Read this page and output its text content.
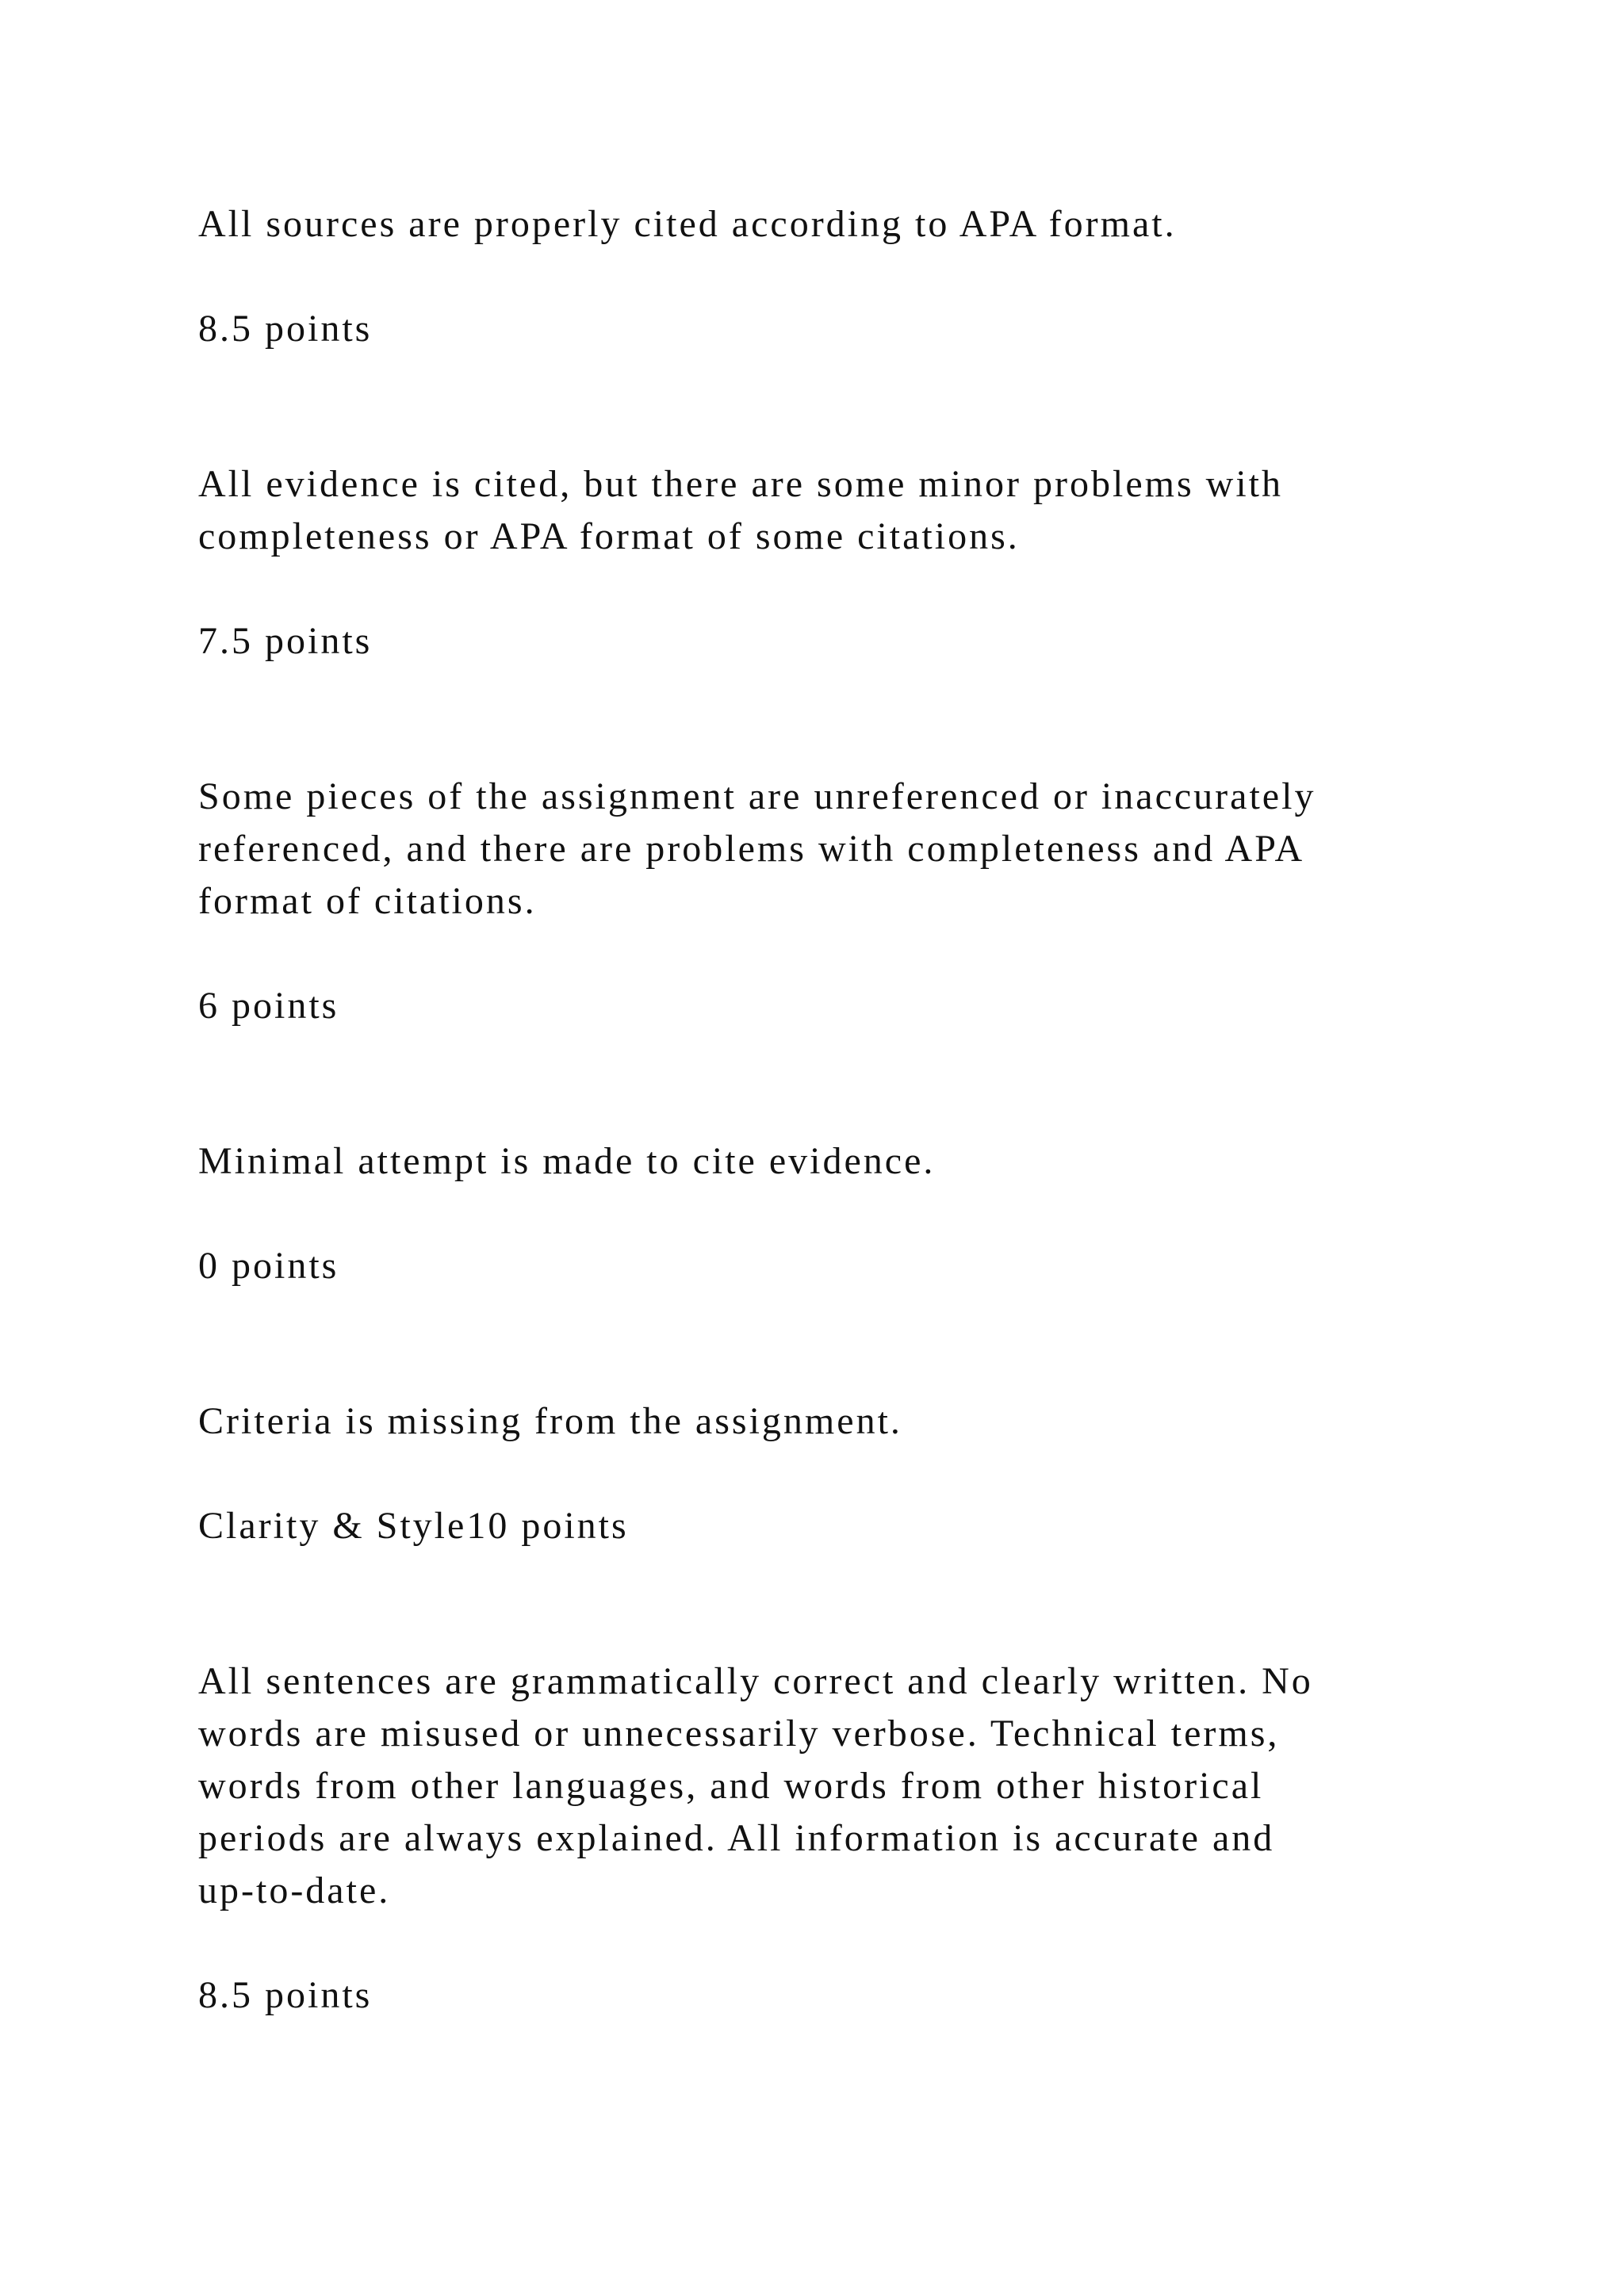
All sources are properly cited according to APA format.

8.5 points

All evidence is cited, but there are some minor problems with

completeness or APA format of some citations.

7.5 points

Some pieces of the assignment are unreferenced or inaccurately

referenced, and there are problems with completeness and APA

format of citations.

6 points

Minimal attempt is made to cite evidence.

0 points

Criteria is missing from the assignment.

Clarity & Style10 points

All sentences are grammatically correct and clearly written. No

words are misused or unnecessarily verbose. Technical terms,

words from other languages, and words from other historical

periods are always explained. All information is accurate and

up-to-date.

8.5 points
